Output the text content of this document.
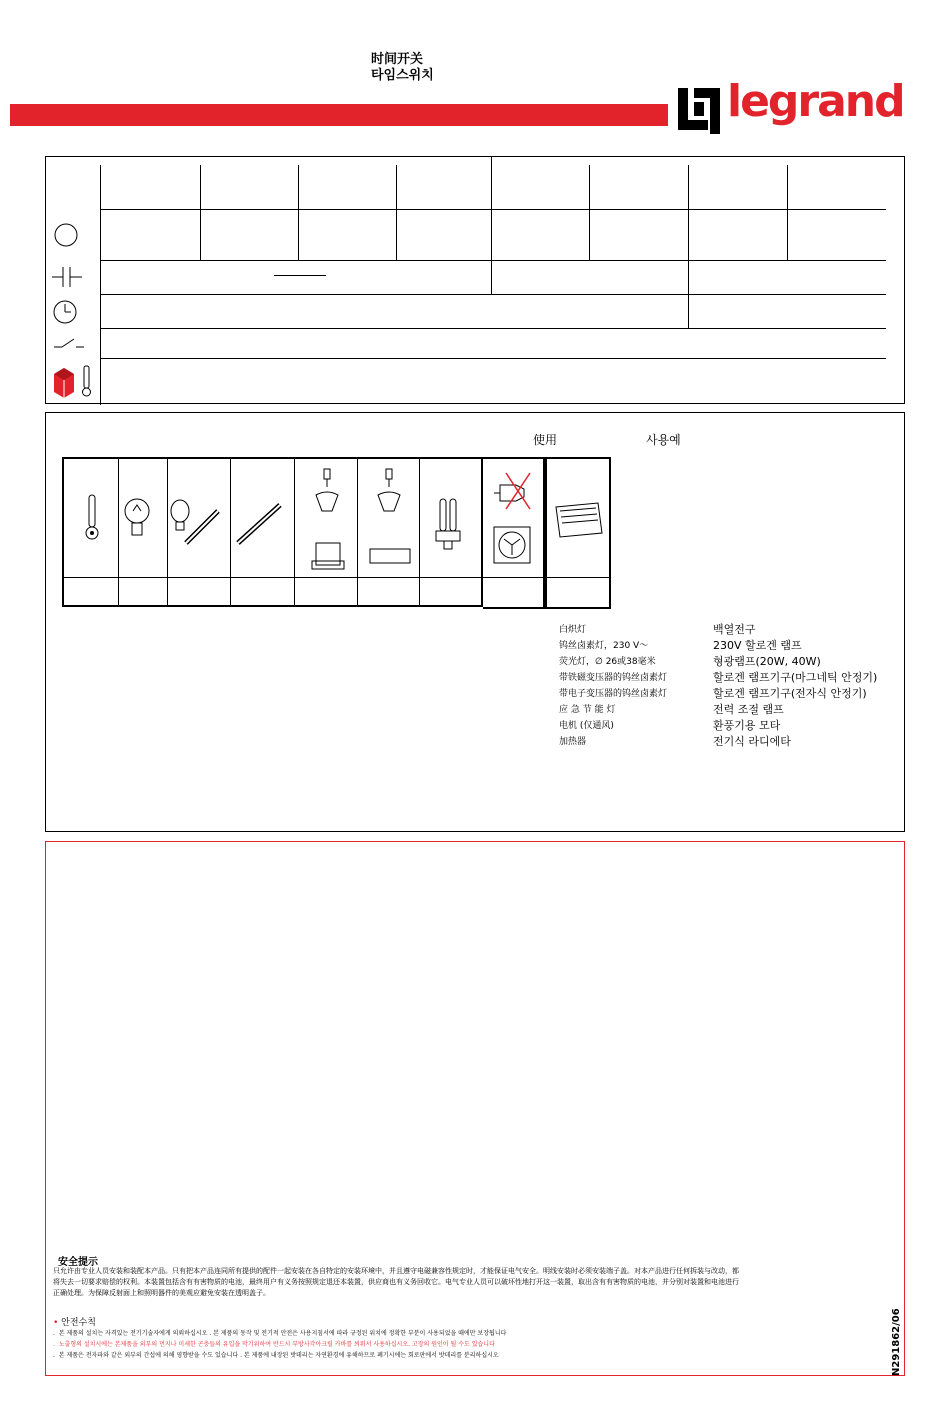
时间开关
타임스위치
legrand
使用	사용예
白炽灯
钨丝卤素灯，230 V～
荧光灯，∅ 26或38毫米
带铁磁变压器的钨丝卤素灯
带电子变压器的钨丝卤素灯
应 急 节 能 灯
电机 (仅通风)
加热器
백열전구
230V 할로겐 램프
형광램프(20W, 40W)
할로겐 램프기구(마그네틱 안정기)
할로겐 램프기구(전자식 안정기)
전력 조절 램프
환풍기용 모타
전기식 라디에타
安全提示
只允许由专业人员安装和装配本产品。只有把本产品连同所有提供的配件一起安装在各自特定的安装环境中，并且遵守电磁兼容性规定时，才能保证电气安全。明线安装时必须安装端子盖。对本产品进行任何拆装与改动，都将失去一切要求赔偿的权利。本装置包括含有有害物质的电池，最终用户有义务按照规定退还本装置，供应商也有义务回收它。电气专业人员可以破坏性地打开这一装置，取出含有有害物质的电池，并分别对装置和电池进行正确处理。为保障反射面上和照明器件的美观应避免安装在透明盖子。
• 안전수칙
.  본 제품의 설치는 자격있는 전기기술자에게 의뢰하십시오 . 본 제품의 동작 및 전기적 안전은 사용지침서에 따라 규정된 위치에 정확한 부분이 사용되었을 때에만 보장됩니다
.  노출형의 설치시에는 본제품을 외부의 먼지나 미세한 곤충들의 유입을 막기위하여 반드시 부방사각아크릴 카바를 씌워서 사용하십시오. 고장의 원인이 될 수도 있습니다
.  본 제품은 전자파와 같은 외부의 간섭에 의해 영향받을 수도 있습니다 . 본 제품에 내장된 밧데리는 자연환경에 유해하므로 폐기시에는 회로판에서 밧데리를 분리하십시오	N291862/06
